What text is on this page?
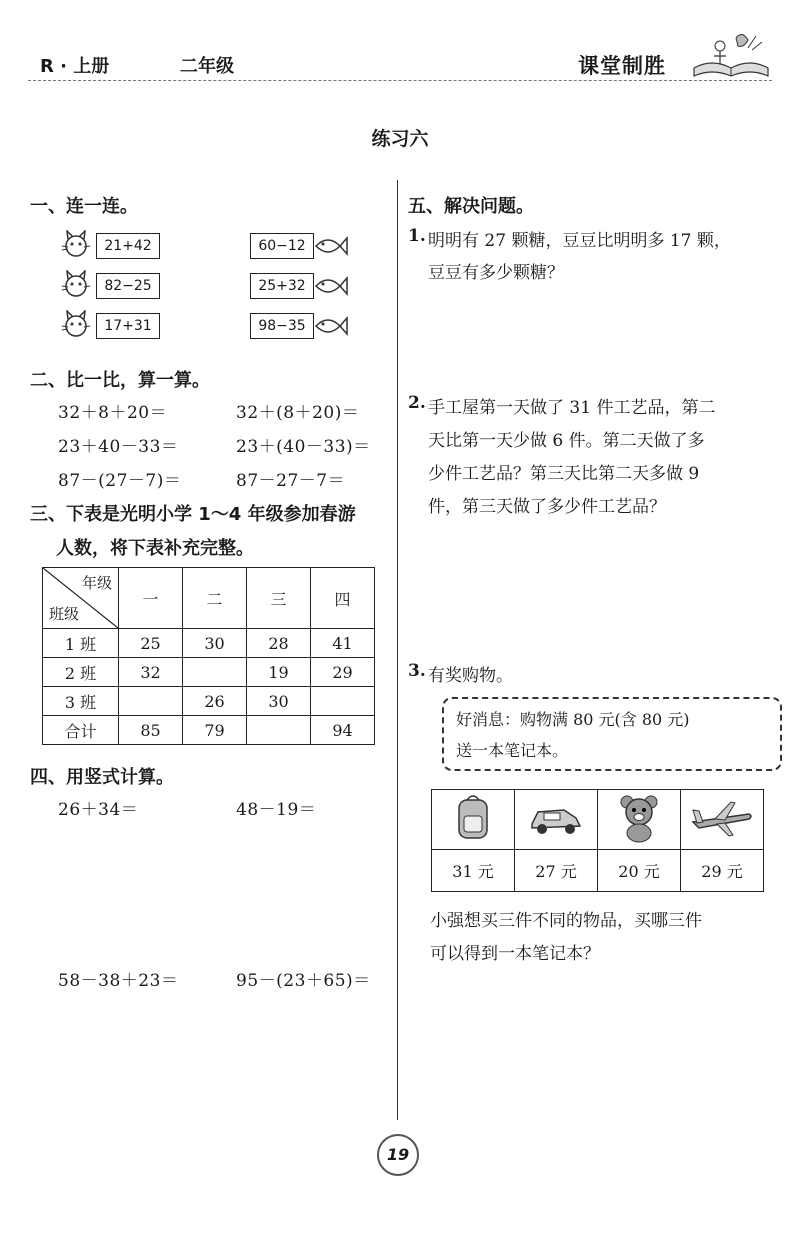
R · 上册	二年级	课堂制胜
练习六
一、连一连。
21+42
82−25
17+31
60−12
25+32
98−35
二、比一比，算一算。
32＋8＋20＝	32＋(8＋20)＝
23＋40－33＝	23＋(40－33)＝
87－(27－7)＝	87－27－7＝
三、下表是光明小学 1～4 年级参加春游
人数，将下表补充完整。
年级
班级	一	二	三	四
1 班	25	30	28	41
2 班	32		19	29
3 班		26	30	
合计	85	79		94
四、用竖式计算。
26＋34＝	48－19＝
58－38＋23＝	95－(23＋65)＝
五、解决问题。
1. 明明有 27 颗糖，豆豆比明明多 17 颗，
豆豆有多少颗糖？
2. 手工屋第一天做了 31 件工艺品，第二
天比第一天少做 6 件。第二天做了多
少件工艺品？第三天比第二天多做 9
件，第三天做了多少件工艺品？
3. 有奖购物。
好消息：购物满 80 元(含 80 元)
送一本笔记本。

31 元	27 元	20 元	29 元
小强想买三件不同的物品，买哪三件
可以得到一本笔记本？
19
